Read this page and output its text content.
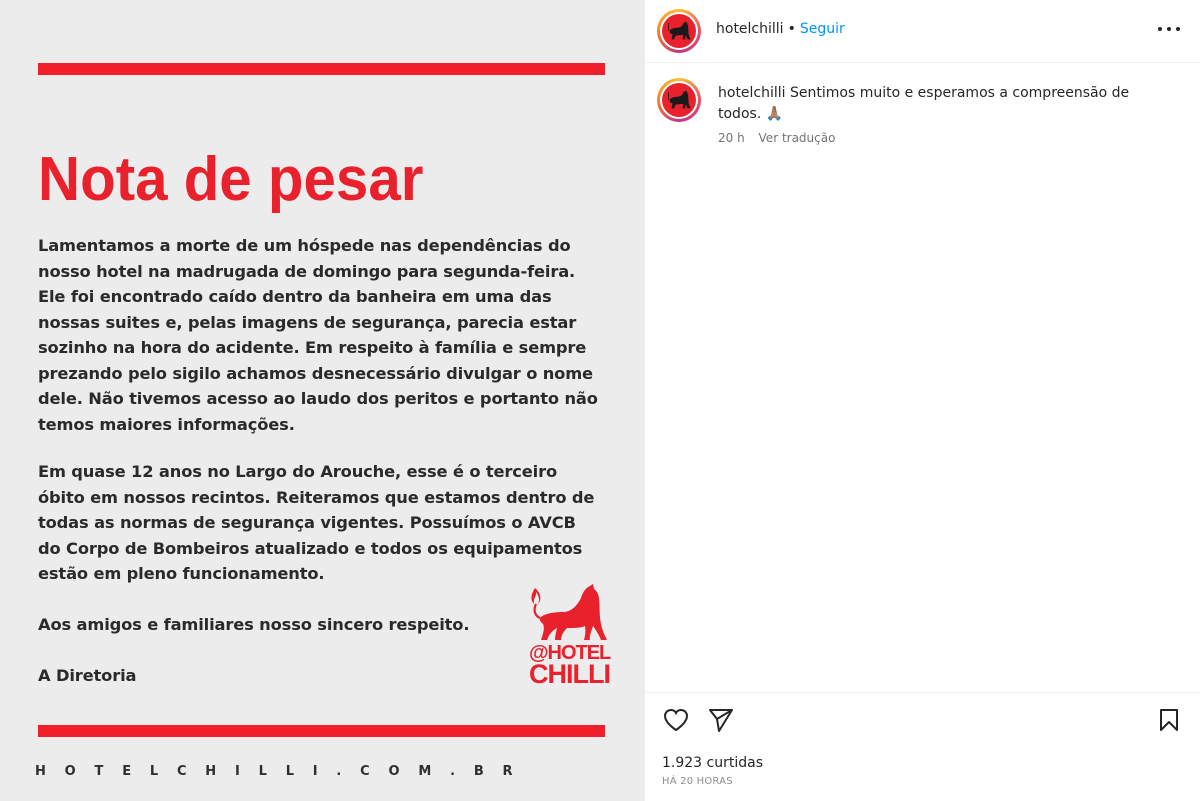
Nota de pesar

Lamentamos a morte de um hóspede nas dependências do
nosso hotel na madrugada de domingo para segunda-feira.
Ele foi encontrado caído dentro da banheira em uma das
nossas suites e, pelas imagens de segurança, parecia estar
sozinho na hora do acidente. Em respeito à família e sempre
prezando pelo sigilo achamos desnecessário divulgar o nome
dele. Não tivemos acesso ao laudo dos peritos e portanto não
temos maiores informações.

Em quase 12 anos no Largo do Arouche, esse é o terceiro
óbito em nossos recintos. Reiteramos que estamos dentro de
todas as normas de segurança vigentes. Possuímos o AVCB
do Corpo de Bombeiros atualizado e todos os equipamentos
estão em pleno funcionamento.

Aos amigos e familiares nosso sincero respeito.

A Diretoria

@HOTEL
CHILLI
HOTELCHILLI.COM.BR
hotelchilli • Seguir
hotelchilli Sentimos muito e esperamos a compreensão de todos. 🙏🏽
20 h Ver tradução
1.923 curtidas
HÁ 20 HORAS
